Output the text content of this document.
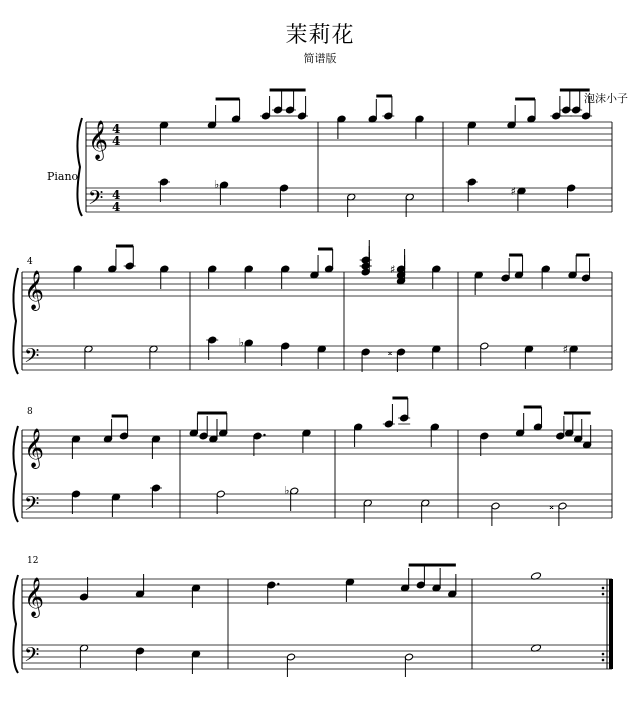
茉莉花
简谱版
泡沫小子
Piano
4
8
12
𝄞
𝄢
4
4
4
4
♭
♯
𝄞
𝄢
♭
♯
𝄪	♯
𝄞
𝄢
♭
𝄪
𝄞
𝄢
